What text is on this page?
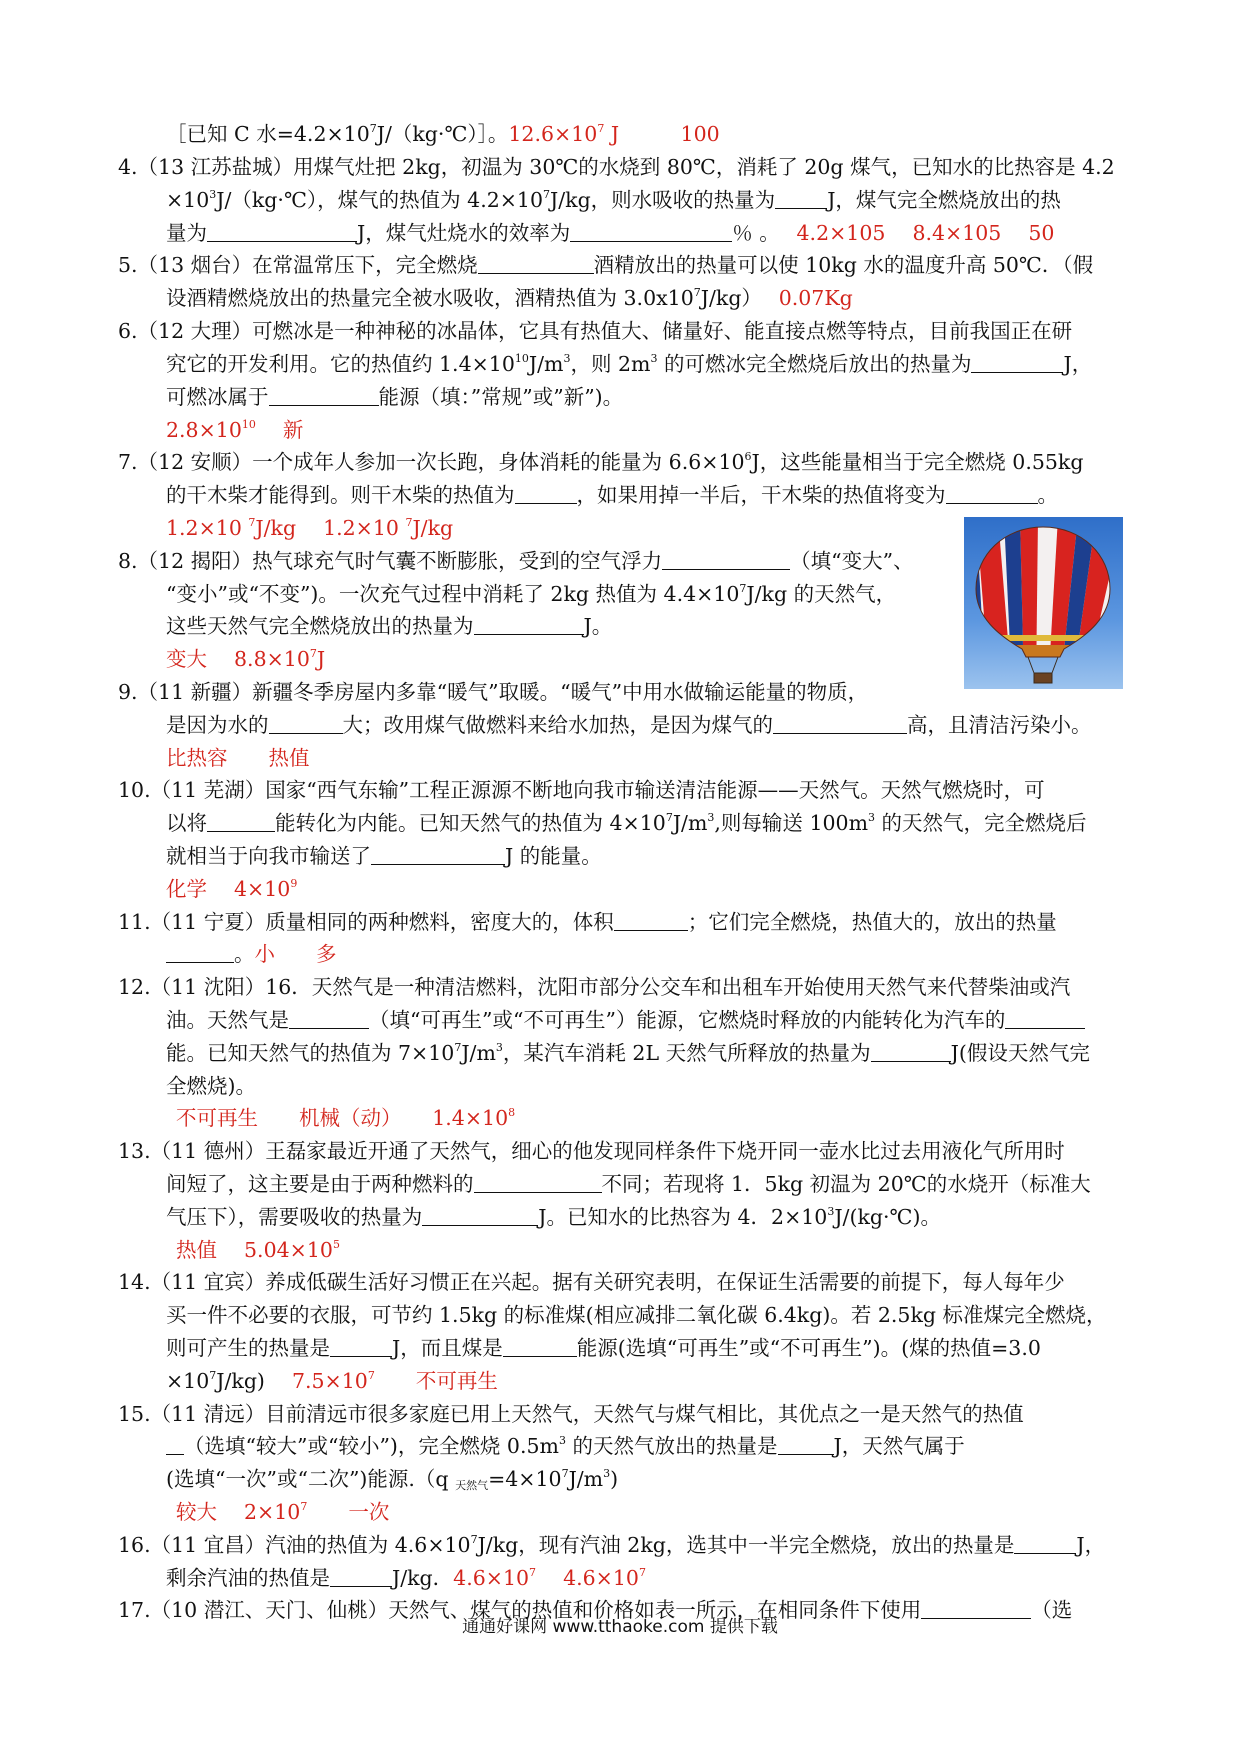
［已知 C 水$=4.2\times 10^7J/(kg\cdot℃)]$。$12.6\times 10^7$ J　　　100
4.（13 江苏盐城）用煤气灶把 2kg，初温为 30℃的水烧到 80℃，消耗了 20g 煤气，已知水的比热容是 4.2
$\times 10^3J/(kg\cdot℃)$，煤气的热值为 $4.2\times 10^7J/kg$，则水吸收的热量为	J，煤气完全燃烧放出的热
量为	J，煤气灶烧水的效率为	％ 。　 4.2×105　 8.4×105　 50
5.（13 烟台）在常温常压下，完全燃烧	酒精放出的热量可以使 10kg 水的温度升高 50℃．（假
设酒精燃烧放出的热量完全被水吸收，酒精热值为 $3.0x10^7J/kg$）　 0.07Kg
6.（12 大理）可燃冰是一种神秘的冰晶体，它具有热值大、储量好、能直接点燃等特点，目前我国正在研
究它的开发利用。它的热值约 $1.4\times 10^{10}J/m^3$，则 $2m^3$ 的可燃冰完全燃烧后放出的热量为	J，
可燃冰属于	能源（填：”常规”或”新”)。
$2.8\times 10^{10}$　 新
7.（12 安顺）一个成年人参加一次长跑，身体消耗的能量为 $6.6\times 10^6J$，这些能量相当于完全燃烧 0.55kg
的干木柴才能得到。则干木柴的热值为	，如果用掉一半后，干木柴的热值将变为	。
1.2×10 $^7$J/kg　 1.2×10 $^7$J/kg
8.（12 揭阳）热气球充气时气囊不断膨胀，受到的空气浮力	（填“变大”、
“变小”或“不变”)。一次充气过程中消耗了 2kg 热值为 $4.4\times 10^7J/kg$ 的天然气，
这些天然气完全燃烧放出的热量为	J。
变大　 $8.8\times 10^7J$
9.（11 新疆）新疆冬季房屋内多靠“暖气”取暖。“暖气”中用水做输运能量的物质，
是因为水的	大；改用煤气做燃料来给水加热，是因为煤气的	高，且清洁污染小。
比热容　　热值
10.（11 芜湖）国家“西气东输”工程正源源不断地向我市输送清洁能源——天然气。天然气燃烧时，可
以将	能转化为内能。已知天然气的热值为 $4\times 10^7J/m^3$,则每输送 $100m^3$ 的天然气，完全燃烧后
就相当于向我市输送了	J 的能量。
化学　 $4\times 10^9$
11.（11 宁夏）质量相同的两种燃料，密度大的，体积	；它们完全燃烧，热值大的，放出的热量
。小　　多
12.（11 沈阳）16．天然气是一种清洁燃料，沈阳市部分公交车和出租车开始使用天然气来代替柴油或汽
油。天然气是	（填“可再生”或“不可再生”）能源，它燃烧时释放的内能转化为汽车的
能。已知天然气的热值为 $7\times 10^7J/m^3$，某汽车消耗 2L 天然气所释放的热量为	J(假设天然气完
全燃烧)。
不可再生　　机械（动）　　$1.4\times 10^8$
13.（11 德州）王磊家最近开通了天然气，细心的他发现同样条件下烧开同一壶水比过去用液化气所用时
间短了，这主要是由于两种燃料的	不同；若现将 1．5kg 初温为 20℃的水烧开（标准大
气压下），需要吸收的热量为	J。已知水的比热容为 4．$2\times 10^3J/(kg\cdot℃)$。
热值　 $5.04\times 10^5$
14.（11 宜宾）养成低碳生活好习惯正在兴起。据有关研究表明，在保证生活需要的前提下，每人每年少
买一件不必要的衣服，可节约 1.5kg 的标准煤(相应减排二氧化碳 6.4kg)。若 2.5kg 标准煤完全燃烧，
则可产生的热量是	J，而且煤是	能源(选填“可再生”或“不可再生”)。(煤的热值=3.0
$\times 10^7J/kg$)　 $7.5\times 10^7$　　不可再生
15.（11 清远）目前清远市很多家庭已用上天然气，天然气与煤气相比，其优点之一是天然气的热值
（选填“较大”或“较小”)，完全燃烧 $0.5m^3$ 的天然气放出的热量是	J，天然气属于
(选填“一次”或“二次”)能源.（q $_{天然气}=4\times 10^7J/m^3$)
较大　 $2\times 10^7$　　一次
16.（11 宜昌）汽油的热值为 $4.6\times 10^7J/kg$，现有汽油 2kg，选其中一半完全燃烧，放出的热量是	J，
剩余汽油的热值是	J/kg．$4.6\times 10^7$　 $4.6\times 10^7$
17.（10 潜江、天门、仙桃）天然气、煤气的热值和价格如表一所示，在相同条件下使用	（选
通通好课网 www.tthaoke.com 提供下载
